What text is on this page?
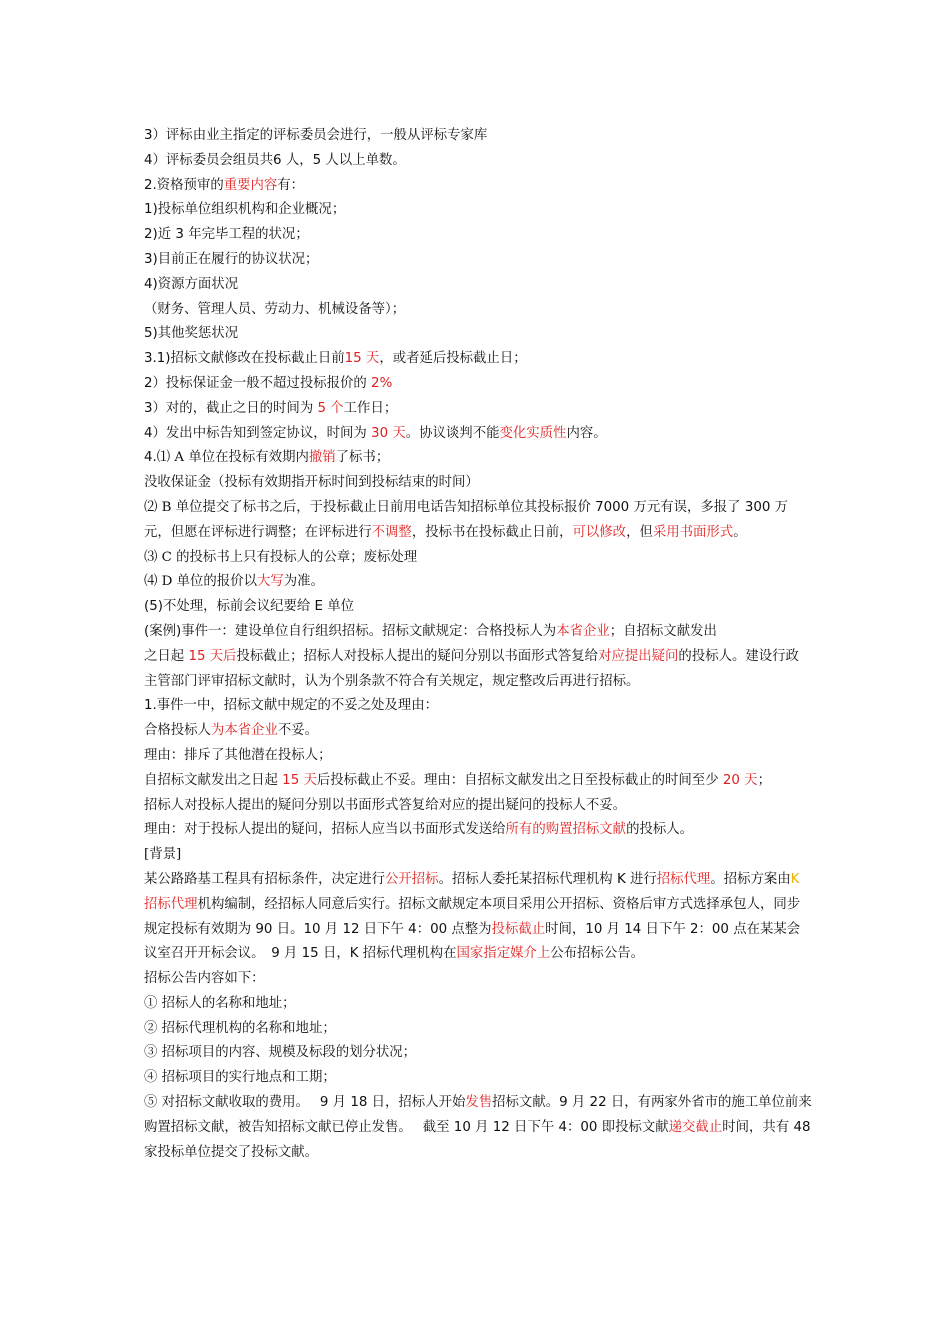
3）评标由业主指定的评标委员会进行，一般从评标专家库
4）评标委员会组员共6 人，5 人以上单数。
2.资格预审的重要内容有：
1)投标单位组织机构和企业概况；
2)近 3 年完毕工程的状况；
3)目前正在履行的协议状况；
4)资源方面状况
（财务、管理人员、劳动力、机械设备等）；
5)其他奖惩状况
3.1)招标文献修改在投标截止日前15 天，或者延后投标截止日；
2）投标保证金一般不超过投标报价的 2%
3）对的，截止之日的时间为 5 个工作日；
4）发出中标告知到签定协议，时间为 30 天。协议谈判不能变化实质性内容。
4.⑴ A 单位在投标有效期内撤销了标书；
没收保证金（投标有效期指开标时间到投标结束的时间）
⑵ B 单位提交了标书之后，于投标截止日前用电话告知招标单位其投标报价 7000 万元有误，多报了 300 万元，但愿在评标进行调整；在评标进行不调整，投标书在投标截止日前，可以修改，但采用书面形式。
⑶ C 的投标书上只有投标人的公章；废标处理
⑷ D 单位的报价以大写为准。
(5)不处理，标前会议纪要给 E 单位
(案例)事件一：建设单位自行组织招标。招标文献规定：合格投标人为本省企业；自招标文献发出
之日起 15 天后投标截止；招标人对投标人提出的疑问分别以书面形式答复给对应提出疑问的投标人。建设行政主管部门评审招标文献时，认为个别条款不符合有关规定，规定整改后再进行招标。
1.事件一中，招标文献中规定的不妥之处及理由：
合格投标人为本省企业不妥。
理由：排斥了其他潜在投标人；
自招标文献发出之日起 15 天后投标截止不妥。理由：自招标文献发出之日至投标截止的时间至少 20 天；
招标人对投标人提出的疑问分别以书面形式答复给对应的提出疑问的投标人不妥。
理由：对于投标人提出的疑问，招标人应当以书面形式发送给所有的购置招标文献的投标人。
[背景]
某公路路基工程具有招标条件，决定进行公开招标。招标人委托某招标代理机构 K 进行招标代理。招标方案由K招标代理机构编制，经招标人同意后实行。招标文献规定本项目采用公开招标、资格后审方式选择承包人，同步规定投标有效期为 90 日。10 月 12 日下午 4：00 点整为投标截止时间，10 月 14 日下午 2：00 点在某某会议室召开开标会议。　9 月 15 日，K 招标代理机构在国家指定媒介上公布招标公告。
招标公告内容如下：
① 招标人的名称和地址；
② 招标代理机构的名称和地址；
③ 招标项目的内容、规模及标段的划分状况；
④ 招标项目的实行地点和工期；
⑤ 对招标文献收取的费用。　 9 月 18 日，招标人开始发售招标文献。9 月 22 日，有两家外省市的施工单位前来购置招标文献，被告知招标文献已停止发售。　 截至 10 月 12 日下午 4：00 即投标文献递交截止时间，共有 48 家投标单位提交了投标文献。
